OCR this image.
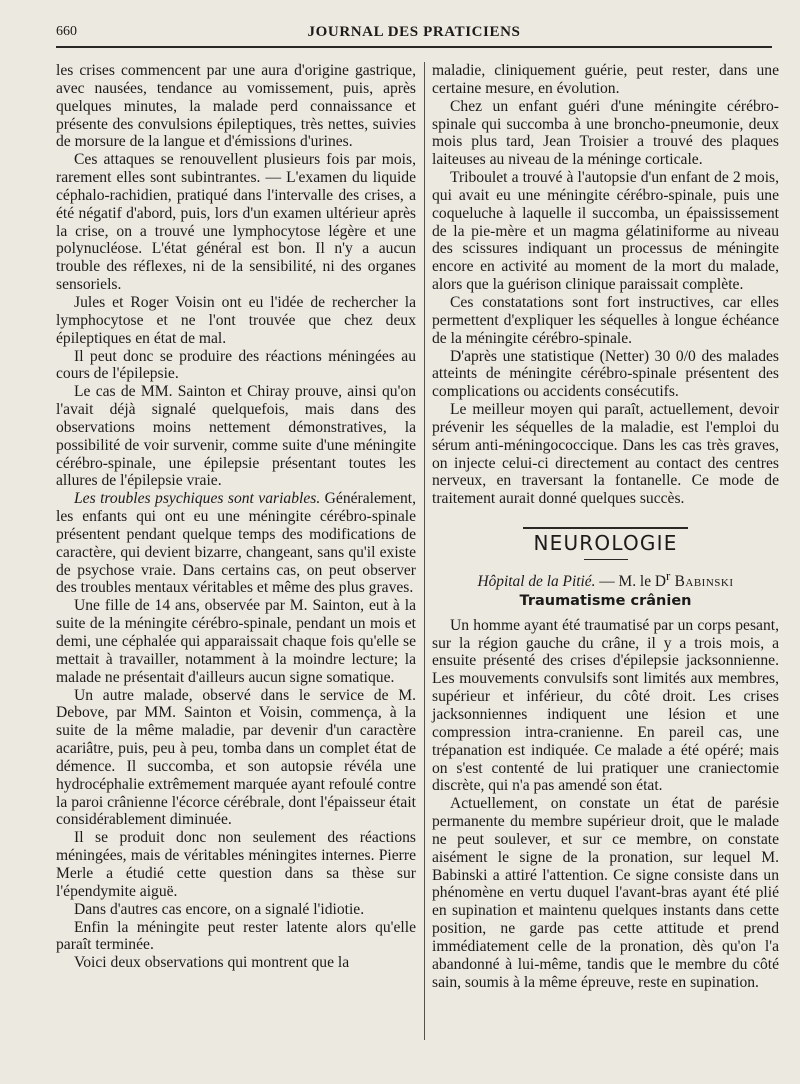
660	JOURNAL DES PRATICIENS

les crises commencent par une aura d'origine gastrique, avec nausées, tendance au vomissement, puis, après quelques minutes, la malade perd connaissance et présente des convulsions épileptiques, très nettes, suivies de morsure de la langue et d'émissions d'urines.

Ces attaques se renouvellent plusieurs fois par mois, rarement elles sont subintrantes. — L'examen du liquide céphalo-rachidien, pratiqué dans l'intervalle des crises, a été négatif d'abord, puis, lors d'un examen ultérieur après la crise, on a trouvé une lymphocytose légère et une polynucléose. L'état général est bon. Il n'y a aucun trouble des réflexes, ni de la sensibilité, ni des organes sensoriels.

Jules et Roger Voisin ont eu l'idée de rechercher la lymphocytose et ne l'ont trouvée que chez deux épileptiques en état de mal.

Il peut donc se produire des réactions méningées au cours de l'épilepsie.

Le cas de MM. Sainton et Chiray prouve, ainsi qu'on l'avait déjà signalé quelquefois, mais dans des observations moins nettement démonstratives, la possibilité de voir survenir, comme suite d'une méningite cérébro-spinale, une épilepsie présentant toutes les allures de l'épilepsie vraie.

Les troubles psychiques sont variables. Généralement, les enfants qui ont eu une méningite cérébro-spinale présentent pendant quelque temps des modifications de caractère, qui devient bizarre, changeant, sans qu'il existe de psychose vraie. Dans certains cas, on peut observer des troubles mentaux véritables et même des plus graves.

Une fille de 14 ans, observée par M. Sainton, eut à la suite de la méningite cérébro-spinale, pendant un mois et demi, une céphalée qui apparaissait chaque fois qu'elle se mettait à travailler, notamment à la moindre lecture; la malade ne présentait d'ailleurs aucun signe somatique.

Un autre malade, observé dans le service de M. Debove, par MM. Sainton et Voisin, commença, à la suite de la même maladie, par devenir d'un caractère acariâtre, puis, peu à peu, tomba dans un complet état de démence. Il succomba, et son autopsie révéla une hydrocéphalie extrêmement marquée ayant refoulé contre la paroi crânienne l'écorce cérébrale, dont l'épaisseur était considérablement diminuée.

Il se produit donc non seulement des réactions méningées, mais de véritables méningites internes. Pierre Merle a étudié cette question dans sa thèse sur l'épendymite aiguë.

Dans d'autres cas encore, on a signalé l'idiotie.

Enfin la méningite peut rester latente alors qu'elle paraît terminée.

Voici deux observations qui montrent que la

maladie, cliniquement guérie, peut rester, dans une certaine mesure, en évolution.

Chez un enfant guéri d'une méningite cérébro-spinale qui succomba à une broncho-pneumonie, deux mois plus tard, Jean Troisier a trouvé des plaques laiteuses au niveau de la méninge corticale.

Triboulet a trouvé à l'autopsie d'un enfant de 2 mois, qui avait eu une méningite cérébro-spinale, puis une coqueluche à laquelle il succomba, un épaississement de la pie-mère et un magma gélatiniforme au niveau des scissures indiquant un processus de méningite encore en activité au moment de la mort du malade, alors que la guérison clinique paraissait complète.

Ces constatations sont fort instructives, car elles permettent d'expliquer les séquelles à longue échéance de la méningite cérébro-spinale.

D'après une statistique (Netter) 30 0/0 des malades atteints de méningite cérébro-spinale présentent des complications ou accidents consécutifs.

Le meilleur moyen qui paraît, actuellement, devoir prévenir les séquelles de la maladie, est l'emploi du sérum anti-méningococcique. Dans les cas très graves, on injecte celui-ci directement au contact des centres nerveux, en traversant la fontanelle. Ce mode de traitement aurait donné quelques succès.

NEUROLOGIE
Hôpital de la Pitié. — M. le $D^r$ Babinski
Traumatisme crânien

Un homme ayant été traumatisé par un corps pesant, sur la région gauche du crâne, il y a trois mois, a ensuite présenté des crises d'épilepsie jacksonnienne. Les mouvements convulsifs sont limités aux membres, supérieur et inférieur, du côté droit. Les crises jacksonniennes indiquent une lésion et une compression intra-cranienne. En pareil cas, une trépanation est indiquée. Ce malade a été opéré; mais on s'est contenté de lui pratiquer une craniectomie discrète, qui n'a pas amendé son état.

Actuellement, on constate un état de parésie permanente du membre supérieur droit, que le malade ne peut soulever, et sur ce membre, on constate aisément le signe de la pronation, sur lequel M. Babinski a attiré l'attention. Ce signe consiste dans un phénomène en vertu duquel l'avant-bras ayant été plié en supination et maintenu quelques instants dans cette position, ne garde pas cette attitude et prend immédiatement celle de la pronation, dès qu'on l'a abandonné à lui-même, tandis que le membre du côté sain, soumis à la même épreuve, reste en supination.
